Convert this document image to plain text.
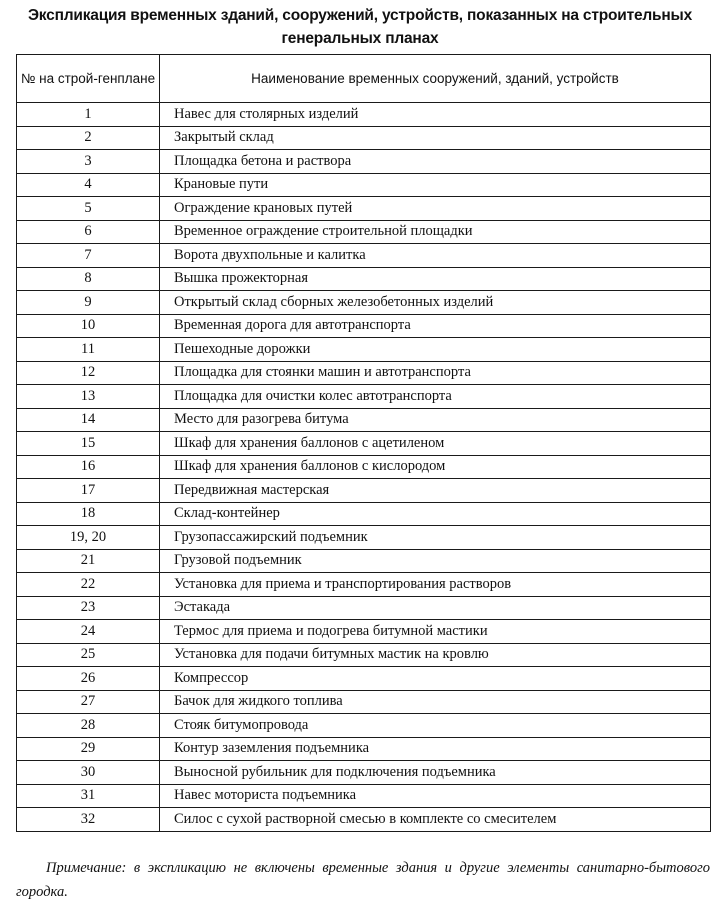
Экспликация временных зданий, сооружений, устройств, показанных на строительных генеральных планах
№ на строй-генплане	Наименование временных сооружений, зданий, устройств
1	Навес для столярных изделий
2	Закрытый склад
3	Площадка бетона и раствора
4	Крановые пути
5	Ограждение крановых путей
6	Временное ограждение строительной площадки
7	Ворота двухпольные и калитка
8	Вышка прожекторная
9	Открытый склад сборных железобетонных изделий
10	Временная дорога для автотранспорта
11	Пешеходные дорожки
12	Площадка для стоянки машин и автотранспорта
13	Площадка для очистки колес автотранспорта
14	Место для разогрева битума
15	Шкаф для хранения баллонов с ацетиленом
16	Шкаф для хранения баллонов с кислородом
17	Передвижная мастерская
18	Склад-контейнер
19, 20	Грузопассажирский подъемник
21	Грузовой подъемник
22	Установка для приема и транспортирования растворов
23	Эстакада
24	Термос для приема и подогрева битумной мастики
25	Установка для подачи битумных мастик на кровлю
26	Компрессор
27	Бачок для жидкого топлива
28	Стояк битумопровода
29	Контур заземления подъемника
30	Выносной рубильник для подключения подъемника
31	Навес моториста подъемника
32	Силос с сухой растворной смесью в комплекте со смесителем
Примечание: в экспликацию не включены временные здания и другие элементы санитарно-бытового городка.
